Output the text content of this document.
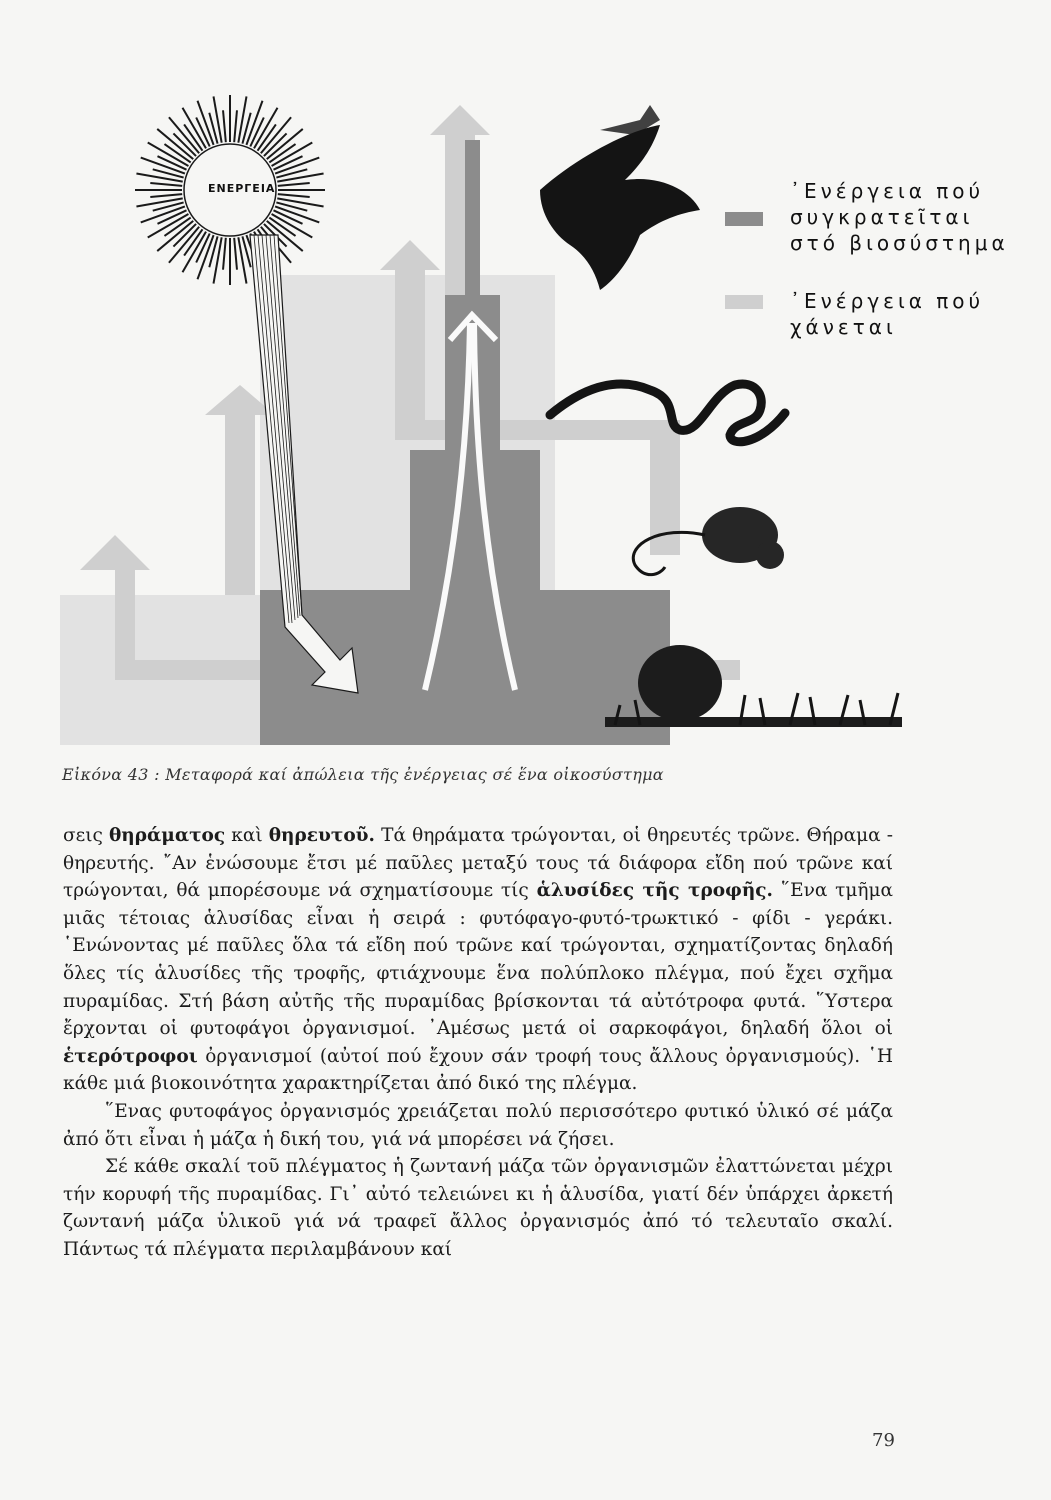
ΕΝΕΡΓΕΙΑ	᾿Ενέργεια πού συγκρατεῖται στό βιοσύστημα
᾿Ενέργεια πού χάνεται
Εἰκόνα 43 : Μεταφορά καί ἀπώλεια τῆς ἐνέργειας σέ ἕνα οἰκοσύστημα

σεις θηράματος καὶ θηρευτοῦ. Τά θηράματα τρώγονται, οἱ θηρευτές τρῶνε. Θήραμα - θηρευτής. ῎Αν ἑνώσουμε ἔτσι μέ παῦλες μεταξύ τους τά διάφορα εἴδη πού τρῶνε καί τρώγονται, θά μπορέσουμε νά σχηματίσουμε τίς ἁλυσίδες τῆς τροφῆς. ῞Ενα τμῆμα μιᾶς τέτοιας ἁλυσίδας εἶναι ἡ σειρά : φυτόφαγο-φυτό-τρωκτικό - φίδι - γεράκι. ῾Ενώνοντας μέ παῦλες ὅλα τά εἴδη πού τρῶνε καί τρώγονται, σχηματίζοντας δηλαδή ὅλες τίς ἁλυσίδες τῆς τροφῆς, φτιάχνουμε ἕνα πολύπλοκο πλέγμα, πού ἔχει σχῆμα πυραμίδας. Στή βάση αὐτῆς τῆς πυραμίδας βρίσκονται τά αὐτότροφα φυτά. ῞Υστερα ἔρχονται οἱ φυτοφάγοι ὀργανισμοί. ᾿Αμέσως μετά οἱ σαρκοφάγοι, δηλαδή ὅλοι οἱ ἑτερότροφοι ὀργανισμοί (αὐτοί πού ἔχουν σάν τροφή τους ἄλλους ὀργανισμούς). ῾Η κάθε μιά βιοκοινότητα χαρακτηρίζεται ἀπό δικό της πλέγμα.

῞Ενας φυτοφάγος ὀργανισμός χρειάζεται πολύ περισσότερο φυτικό ὑλικό σέ μάζα ἀπό ὅτι εἶναι ἡ μάζα ἡ δική του, γιά νά μπορέσει νά ζήσει.

Σέ κάθε σκαλί τοῦ πλέγματος ἡ ζωντανή μάζα τῶν ὀργανισμῶν ἐλαττώνεται μέχρι τήν κορυφή τῆς πυραμίδας. Γι᾿ αὐτό τελειώνει κι ἡ ἁλυσίδα, γιατί δέν ὑπάρχει ἀρκετή ζωντανή μάζα ὑλικοῦ γιά νά τραφεῖ ἄλλος ὀργανισμός ἀπό τό τελευταῖο σκαλί. Πάντως τά πλέγματα περιλαμβάνουν καί

79
